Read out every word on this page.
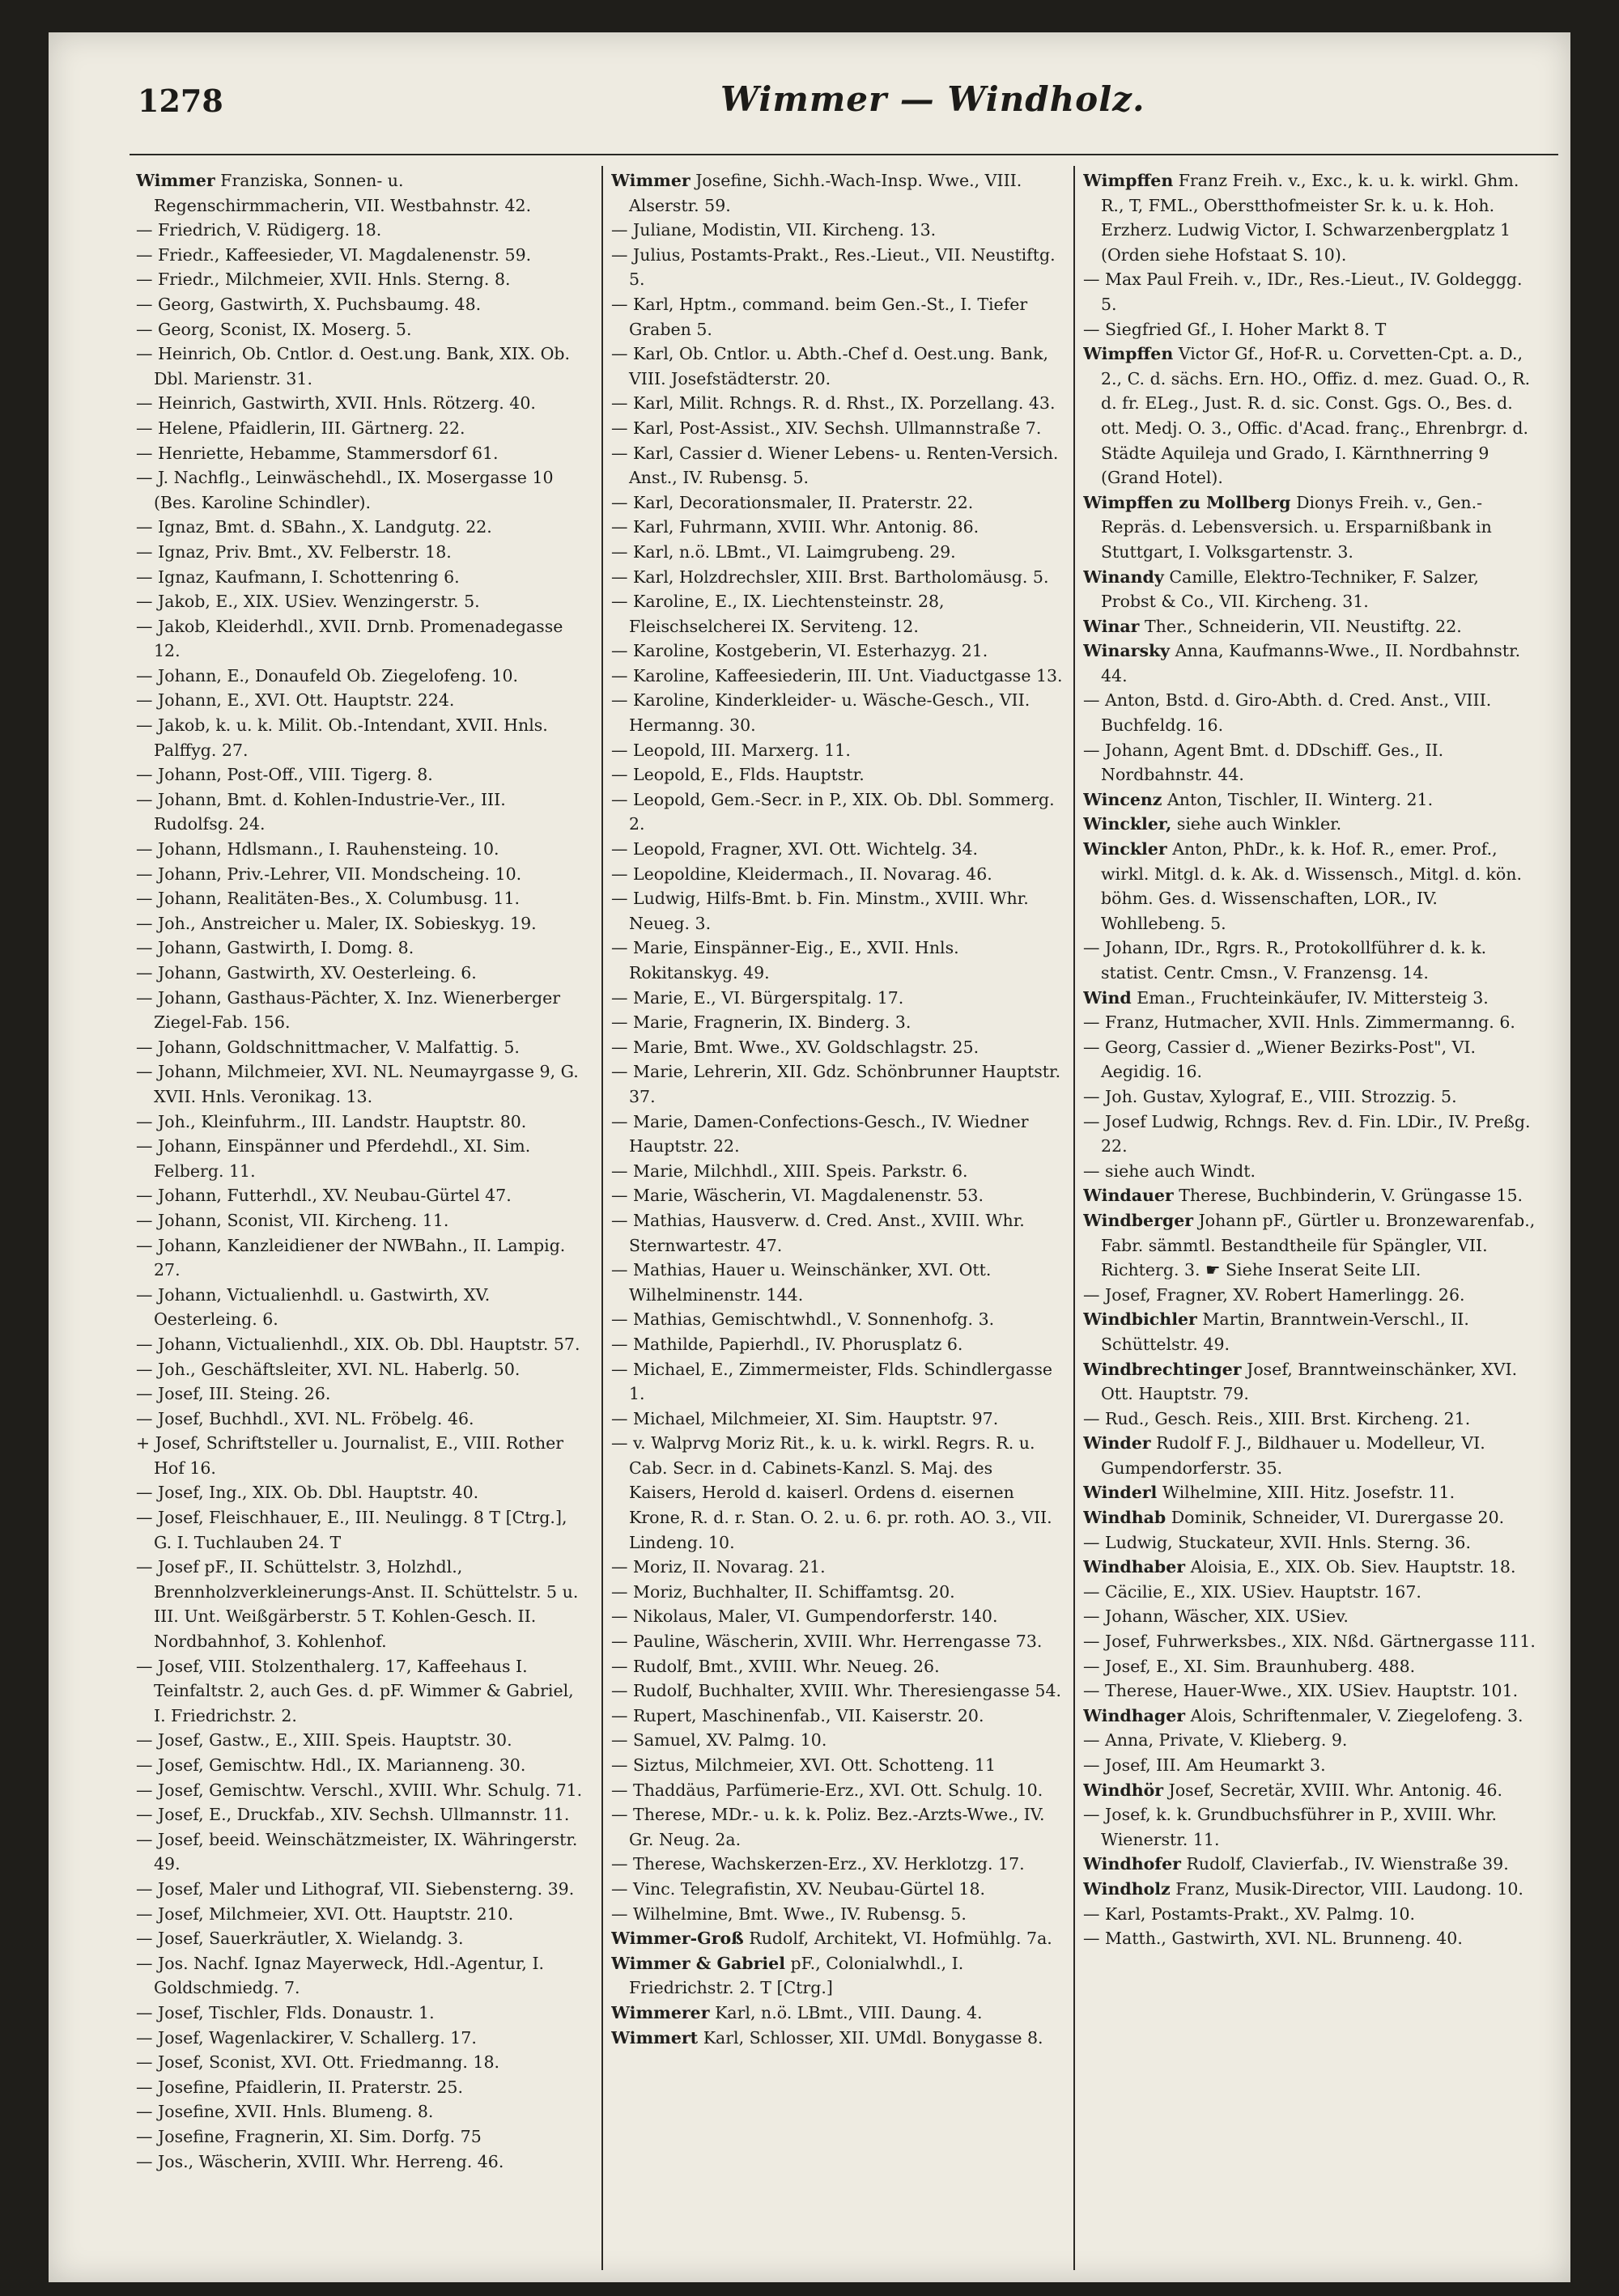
1278	Wimmer — Windholz.

Wimmer Franziska, Sonnen- u. Regenschirmmacherin, VII. Westbahnstr. 42.

— Friedrich, V. Rüdigerg. 18.

— Friedr., Kaffeesieder, VI. Magdalenenstr. 59.

— Friedr., Milchmeier, XVII. Hnls. Sterng. 8.

— Georg, Gastwirth, X. Puchsbaumg. 48.

— Georg, Sconist, IX. Moserg. 5.

— Heinrich, Ob. Cntlor. d. Oest.ung. Bank, XIX. Ob. Dbl. Marienstr. 31.

— Heinrich, Gastwirth, XVII. Hnls. Rötzerg. 40.

— Helene, Pfaidlerin, III. Gärtnerg. 22.

— Henriette, Hebamme, Stammersdorf 61.

— J. Nachflg., Leinwäschehdl., IX. Mosergasse 10 (Bes. Karoline Schindler).

— Ignaz, Bmt. d. SBahn., X. Landgutg. 22.

— Ignaz, Priv. Bmt., XV. Felberstr. 18.

— Ignaz, Kaufmann, I. Schottenring 6.

— Jakob, E., XIX. USiev. Wenzingerstr. 5.

— Jakob, Kleiderhdl., XVII. Drnb. Promenadegasse 12.

— Johann, E., Donaufeld Ob. Ziegelofeng. 10.

— Johann, E., XVI. Ott. Hauptstr. 224.

— Jakob, k. u. k. Milit. Ob.-Intendant, XVII. Hnls. Palffyg. 27.

— Johann, Post-Off., VIII. Tigerg. 8.

— Johann, Bmt. d. Kohlen-Industrie-Ver., III. Rudolfsg. 24.

— Johann, Hdlsmann., I. Rauhensteing. 10.

— Johann, Priv.-Lehrer, VII. Mondscheing. 10.

— Johann, Realitäten-Bes., X. Columbusg. 11.

— Joh., Anstreicher u. Maler, IX. Sobieskyg. 19.

— Johann, Gastwirth, I. Domg. 8.

— Johann, Gastwirth, XV. Oesterleing. 6.

— Johann, Gasthaus-Pächter, X. Inz. Wienerberger Ziegel-Fab. 156.

— Johann, Goldschnittmacher, V. Malfattig. 5.

— Johann, Milchmeier, XVI. NL. Neumayrgasse 9, G. XVII. Hnls. Veronikag. 13.

— Joh., Kleinfuhrm., III. Landstr. Hauptstr. 80.

— Johann, Einspänner und Pferdehdl., XI. Sim. Felberg. 11.

— Johann, Futterhdl., XV. Neubau-Gürtel 47.

— Johann, Sconist, VII. Kircheng. 11.

— Johann, Kanzleidiener der NWBahn., II. Lampig. 27.

— Johann, Victualienhdl. u. Gastwirth, XV. Oesterleing. 6.

— Johann, Victualienhdl., XIX. Ob. Dbl. Hauptstr. 57.

— Joh., Geschäftsleiter, XVI. NL. Haberlg. 50.

— Josef, III. Steing. 26.

— Josef, Buchhdl., XVI. NL. Fröbelg. 46.

+ Josef, Schriftsteller u. Journalist, E., VIII. Rother Hof 16.

— Josef, Ing., XIX. Ob. Dbl. Hauptstr. 40.

— Josef, Fleischhauer, E., III. Neulingg. 8 T [Ctrg.], G. I. Tuchlauben 24. T

— Josef pF., II. Schüttelstr. 3, Holzhdl., Brennholzverkleinerungs-Anst. II. Schüttelstr. 5 u. III. Unt. Weißgärberstr. 5 T. Kohlen-Gesch. II. Nordbahnhof, 3. Kohlenhof.

— Josef, VIII. Stolzenthalerg. 17, Kaffeehaus I. Teinfaltstr. 2, auch Ges. d. pF. Wimmer & Gabriel, I. Friedrichstr. 2.

— Josef, Gastw., E., XIII. Speis. Hauptstr. 30.

— Josef, Gemischtw. Hdl., IX. Marianneng. 30.

— Josef, Gemischtw. Verschl., XVIII. Whr. Schulg. 71.

— Josef, E., Druckfab., XIV. Sechsh. Ullmannstr. 11.

— Josef, beeid. Weinschätzmeister, IX. Währingerstr. 49.

— Josef, Maler und Lithograf, VII. Siebensterng. 39.

— Josef, Milchmeier, XVI. Ott. Hauptstr. 210.

— Josef, Sauerkräutler, X. Wielandg. 3.

— Jos. Nachf. Ignaz Mayerweck, Hdl.-Agentur, I. Goldschmiedg. 7.

— Josef, Tischler, Flds. Donaustr. 1.

— Josef, Wagenlackirer, V. Schallerg. 17.

— Josef, Sconist, XVI. Ott. Friedmanng. 18.

— Josefine, Pfaidlerin, II. Praterstr. 25.

— Josefine, XVII. Hnls. Blumeng. 8.

— Josefine, Fragnerin, XI. Sim. Dorfg. 75

— Jos., Wäscherin, XVIII. Whr. Herreng. 46.

Wimmer Josefine, Sichh.-Wach-Insp. Wwe., VIII. Alserstr. 59.

— Juliane, Modistin, VII. Kircheng. 13.

— Julius, Postamts-Prakt., Res.-Lieut., VII. Neustiftg. 5.

— Karl, Hptm., command. beim Gen.-St., I. Tiefer Graben 5.

— Karl, Ob. Cntlor. u. Abth.-Chef d. Oest.ung. Bank, VIII. Josefstädterstr. 20.

— Karl, Milit. Rchngs. R. d. Rhst., IX. Porzellang. 43.

— Karl, Post-Assist., XIV. Sechsh. Ullmannstraße 7.

— Karl, Cassier d. Wiener Lebens- u. Renten-Versich. Anst., IV. Rubensg. 5.

— Karl, Decorationsmaler, II. Praterstr. 22.

— Karl, Fuhrmann, XVIII. Whr. Antonig. 86.

— Karl, n.ö. LBmt., VI. Laimgrubeng. 29.

— Karl, Holzdrechsler, XIII. Brst. Bartholomäusg. 5.

— Karoline, E., IX. Liechtensteinstr. 28, Fleischselcherei IX. Serviteng. 12.

— Karoline, Kostgeberin, VI. Esterhazyg. 21.

— Karoline, Kaffeesiederin, III. Unt. Viaductgasse 13.

— Karoline, Kinderkleider- u. Wäsche-Gesch., VII. Hermanng. 30.

— Leopold, III. Marxerg. 11.

— Leopold, E., Flds. Hauptstr.

— Leopold, Gem.-Secr. in P., XIX. Ob. Dbl. Sommerg. 2.

— Leopold, Fragner, XVI. Ott. Wichtelg. 34.

— Leopoldine, Kleidermach., II. Novarag. 46.

— Ludwig, Hilfs-Bmt. b. Fin. Minstm., XVIII. Whr. Neueg. 3.

— Marie, Einspänner-Eig., E., XVII. Hnls. Rokitanskyg. 49.

— Marie, E., VI. Bürgerspitalg. 17.

— Marie, Fragnerin, IX. Binderg. 3.

— Marie, Bmt. Wwe., XV. Goldschlagstr. 25.

— Marie, Lehrerin, XII. Gdz. Schönbrunner Hauptstr. 37.

— Marie, Damen-Confections-Gesch., IV. Wiedner Hauptstr. 22.

— Marie, Milchhdl., XIII. Speis. Parkstr. 6.

— Marie, Wäscherin, VI. Magdalenenstr. 53.

— Mathias, Hausverw. d. Cred. Anst., XVIII. Whr. Sternwartestr. 47.

— Mathias, Hauer u. Weinschänker, XVI. Ott. Wilhelminenstr. 144.

— Mathias, Gemischtwhdl., V. Sonnenhofg. 3.

— Mathilde, Papierhdl., IV. Phorusplatz 6.

— Michael, E., Zimmermeister, Flds. Schindlergasse 1.

— Michael, Milchmeier, XI. Sim. Hauptstr. 97.

— v. Walprvg Moriz Rit., k. u. k. wirkl. Regrs. R. u. Cab. Secr. in d. Cabinets-Kanzl. S. Maj. des Kaisers, Herold d. kaiserl. Ordens d. eisernen Krone, R. d. r. Stan. O. 2. u. 6. pr. roth. AO. 3., VII. Lindeng. 10.

— Moriz, II. Novarag. 21.

— Moriz, Buchhalter, II. Schiffamtsg. 20.

— Nikolaus, Maler, VI. Gumpendorferstr. 140.

— Pauline, Wäscherin, XVIII. Whr. Herrengasse 73.

— Rudolf, Bmt., XVIII. Whr. Neueg. 26.

— Rudolf, Buchhalter, XVIII. Whr. Theresiengasse 54.

— Rupert, Maschinenfab., VII. Kaiserstr. 20.

— Samuel, XV. Palmg. 10.

— Siztus, Milchmeier, XVI. Ott. Schotteng. 11

— Thaddäus, Parfümerie-Erz., XVI. Ott. Schulg. 10.

— Therese, MDr.- u. k. k. Poliz. Bez.-Arzts-Wwe., IV. Gr. Neug. 2a.

— Therese, Wachskerzen-Erz., XV. Herklotzg. 17.

— Vinc. Telegrafistin, XV. Neubau-Gürtel 18.

— Wilhelmine, Bmt. Wwe., IV. Rubensg. 5.

Wimmer-Groß Rudolf, Architekt, VI. Hofmühlg. 7a.

Wimmer & Gabriel pF., Colonialwhdl., I. Friedrichstr. 2. T [Ctrg.]

Wimmerer Karl, n.ö. LBmt., VIII. Daung. 4.

Wimmert Karl, Schlosser, XII. UMdl. Bonygasse 8.

Wimpffen Franz Freih. v., Exc., k. u. k. wirkl. Ghm. R., T, FML., Oberstthofmeister Sr. k. u. k. Hoh. Erzherz. Ludwig Victor, I. Schwarzenbergplatz 1 (Orden siehe Hofstaat S. 10).

— Max Paul Freih. v., IDr., Res.-Lieut., IV. Goldeggg. 5.

— Siegfried Gf., I. Hoher Markt 8. T

Wimpffen Victor Gf., Hof-R. u. Corvetten-Cpt. a. D., 2., C. d. sächs. Ern. HO., Offiz. d. mez. Guad. O., R. d. fr. ELeg., Just. R. d. sic. Const. Ggs. O., Bes. d. ott. Medj. O. 3., Offic. d'Acad. franç., Ehrenbrgr. d. Städte Aquileja und Grado, I. Kärnthnerring 9 (Grand Hotel).

Wimpffen zu Mollberg Dionys Freih. v., Gen.-Repräs. d. Lebensversich. u. Ersparnißbank in Stuttgart, I. Volksgartenstr. 3.

Winandy Camille, Elektro-Techniker, F. Salzer, Probst & Co., VII. Kircheng. 31.

Winar Ther., Schneiderin, VII. Neustiftg. 22.

Winarsky Anna, Kaufmanns-Wwe., II. Nordbahnstr. 44.

— Anton, Bstd. d. Giro-Abth. d. Cred. Anst., VIII. Buchfeldg. 16.

— Johann, Agent Bmt. d. DDschiff. Ges., II. Nordbahnstr. 44.

Wincenz Anton, Tischler, II. Winterg. 21.

Winckler, siehe auch Winkler.

Winckler Anton, PhDr., k. k. Hof. R., emer. Prof., wirkl. Mitgl. d. k. Ak. d. Wissensch., Mitgl. d. kön. böhm. Ges. d. Wissenschaften, LOR., IV. Wohllebeng. 5.

— Johann, IDr., Rgrs. R., Protokollführer d. k. k. statist. Centr. Cmsn., V. Franzensg. 14.

Wind Eman., Fruchteinkäufer, IV. Mittersteig 3.

— Franz, Hutmacher, XVII. Hnls. Zimmermanng. 6.

— Georg, Cassier d. „Wiener Bezirks-Post", VI. Aegidig. 16.

— Joh. Gustav, Xylograf, E., VIII. Strozzig. 5.

— Josef Ludwig, Rchngs. Rev. d. Fin. LDir., IV. Preßg. 22.

— siehe auch Windt.

Windauer Therese, Buchbinderin, V. Grüngasse 15.

Windberger Johann pF., Gürtler u. Bronzewarenfab., Fabr. sämmtl. Bestandtheile für Spängler, VII. Richterg. 3. ☛ Siehe Inserat Seite LII.

— Josef, Fragner, XV. Robert Hamerlingg. 26.

Windbichler Martin, Branntwein-Verschl., II. Schüttelstr. 49.

Windbrechtinger Josef, Branntweinschänker, XVI. Ott. Hauptstr. 79.

— Rud., Gesch. Reis., XIII. Brst. Kircheng. 21.

Winder Rudolf F. J., Bildhauer u. Modelleur, VI. Gumpendorferstr. 35.

Winderl Wilhelmine, XIII. Hitz. Josefstr. 11.

Windhab Dominik, Schneider, VI. Durergasse 20.

— Ludwig, Stuckateur, XVII. Hnls. Sterng. 36.

Windhaber Aloisia, E., XIX. Ob. Siev. Hauptstr. 18.

— Cäcilie, E., XIX. USiev. Hauptstr. 167.

— Johann, Wäscher, XIX. USiev.

— Josef, Fuhrwerksbes., XIX. Nßd. Gärtnergasse 111.

— Josef, E., XI. Sim. Braunhuberg. 488.

— Therese, Hauer-Wwe., XIX. USiev. Hauptstr. 101.

Windhager Alois, Schriftenmaler, V. Ziegelofeng. 3.

— Anna, Private, V. Klieberg. 9.

— Josef, III. Am Heumarkt 3.

Windhör Josef, Secretär, XVIII. Whr. Antonig. 46.

— Josef, k. k. Grundbuchsführer in P., XVIII. Whr. Wienerstr. 11.

Windhofer Rudolf, Clavierfab., IV. Wienstraße 39.

Windholz Franz, Musik-Director, VIII. Laudong. 10.

— Karl, Postamts-Prakt., XV. Palmg. 10.

— Matth., Gastwirth, XVI. NL. Brunneng. 40.
